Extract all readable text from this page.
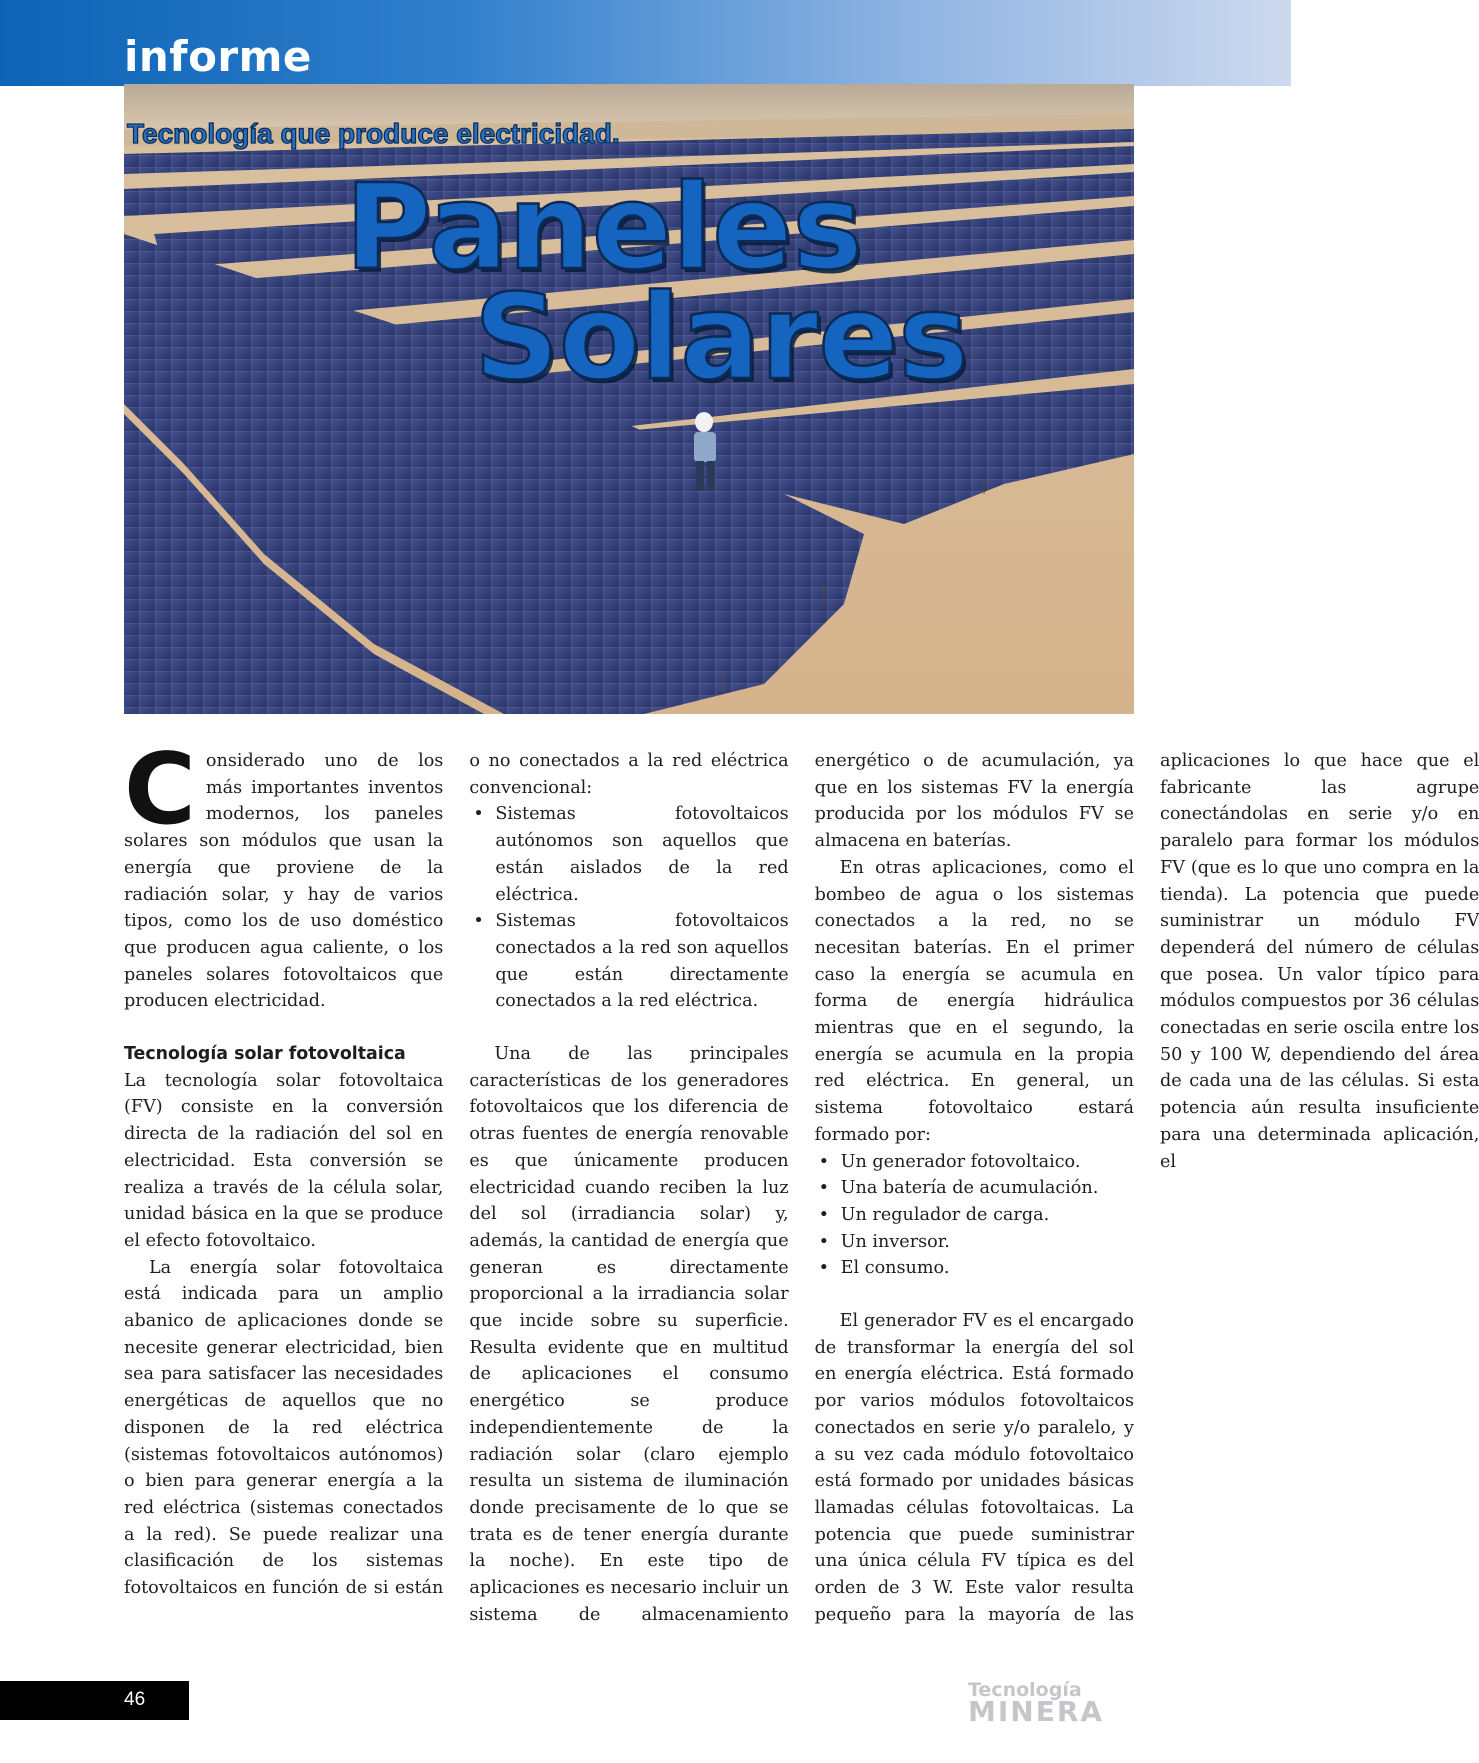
informe
Tecnología que produce electricidad.
Paneles
Solares

Considerado uno de los más importantes inventos modernos, los paneles solares son módulos que usan la energía que proviene de la radiación solar, y hay de varios tipos, como los de uso doméstico que producen agua caliente, o los paneles solares fotovoltaicos que producen electricidad.

Tecnología solar fotovoltaica

La tecnología solar fotovoltaica (FV) consiste en la conversión directa de la radiación del sol en electricidad. Esta conversión se realiza a través de la célula solar, unidad básica en la que se produce el efecto fotovoltaico.

La energía solar fotovoltaica está indicada para un amplio abanico de aplicaciones donde se necesite generar electricidad, bien sea para satisfacer las necesidades energéticas de aquellos que no disponen de la red eléctrica (sistemas fotovoltaicos autónomos) o bien para generar energía a la red eléctrica (sistemas conectados a la red). Se puede realizar una clasificación de los sistemas fotovoltaicos en función de si están o no conectados a la red eléctrica convencional:

• Sistemas fotovoltaicos autónomos son aquellos que están aislados de la red eléctrica.
• Sistemas fotovoltaicos conectados a la red son aquellos que están directamente conectados a la red eléctrica.

Una de las principales características de los generadores fotovoltaicos que los diferencia de otras fuentes de energía renovable es que únicamente producen electricidad cuando reciben la luz del sol (irradiancia solar) y, además, la cantidad de energía que generan es directamente proporcional a la irradiancia solar que incide sobre su superficie. Resulta evidente que en multitud de aplicaciones el consumo energético se produce independientemente de la radiación solar (claro ejemplo resulta un sistema de iluminación donde precisamente de lo que se trata es de tener energía durante la noche). En este tipo de aplicaciones es necesario incluir un sistema de almacenamiento energético o de acumulación, ya que en los sistemas FV la energía producida por los módulos FV se almacena en baterías.

En otras aplicaciones, como el bombeo de agua o los sistemas conectados a la red, no se necesitan baterías. En el primer caso la energía se acumula en forma de energía hidráulica mientras que en el segundo, la energía se acumula en la propia red eléctrica. En general, un sistema fotovoltaico estará formado por:

• Un generador fotovoltaico.
• Una batería de acumulación.
• Un regulador de carga.
• Un inversor.
• El consumo.

El generador FV es el encargado de transformar la energía del sol en energía eléctrica. Está formado por varios módulos fotovoltaicos conectados en serie y/o paralelo, y a su vez cada módulo fotovoltaico está formado por unidades básicas llamadas células fotovoltaicas. La potencia que puede suministrar una única célula FV típica es del orden de 3 W. Este valor resulta pequeño para la mayoría de las aplicaciones lo que hace que el fabricante las agrupe conectándolas en serie y/o en paralelo para formar los módulos FV (que es lo que uno compra en la tienda). La potencia que puede suministrar un módulo FV dependerá del número de células que posea. Un valor típico para módulos compuestos por 36 células conectadas en serie oscila entre los 50 y 100 W, dependiendo del área de cada una de las células. Si esta potencia aún resulta insuficiente para una determinada aplicación, el

46	Tecnología
MINERA
